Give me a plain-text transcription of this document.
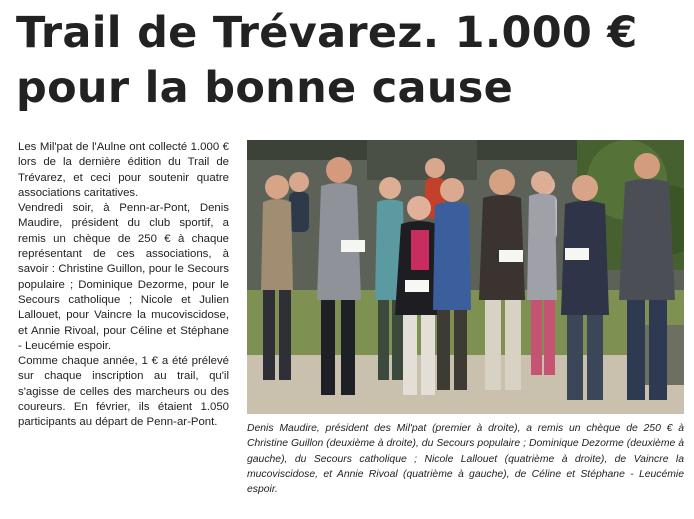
Trail de Trévarez. 1.000 €
pour la bonne cause

Les Mil'pat de l'Aulne ont collecté 1.000 € lors de la dernière édition du Trail de Trévarez, et ceci pour soutenir quatre associations caritatives.

Vendredi soir, à Penn-ar-Pont, Denis Maudire, président du club sportif, a remis un chèque de 250 € à chaque représentant de ces associations, à savoir : Christine Guillon, pour le Secours populaire ; Dominique Dezorme, pour le Secours catholique ; Nicole et Julien Lallouet, pour Vaincre la mucoviscidose, et Annie Rivoal, pour Céline et Stéphane - Leucémie espoir.

Comme chaque année, 1 € a été prélevé sur chaque inscription au trail, qu'il s'agisse de celles des marcheurs ou des coureurs. En février, ils étaient 1.050 participants au départ de Penn-ar-Pont.

Denis Maudire, président des Mil'pat (premier à droite), a remis un chèque de 250 € à Christine Guillon (deuxième à droite), du Secours populaire ; Dominique Dezorme (deuxième à gauche), du Secours catholique ; Nicole Lallouet (quatrième à droite), de Vaincre la mucoviscidose, et Annie Rivoal (quatrième à gauche), de Céline et Stéphane - Leucémie espoir.
